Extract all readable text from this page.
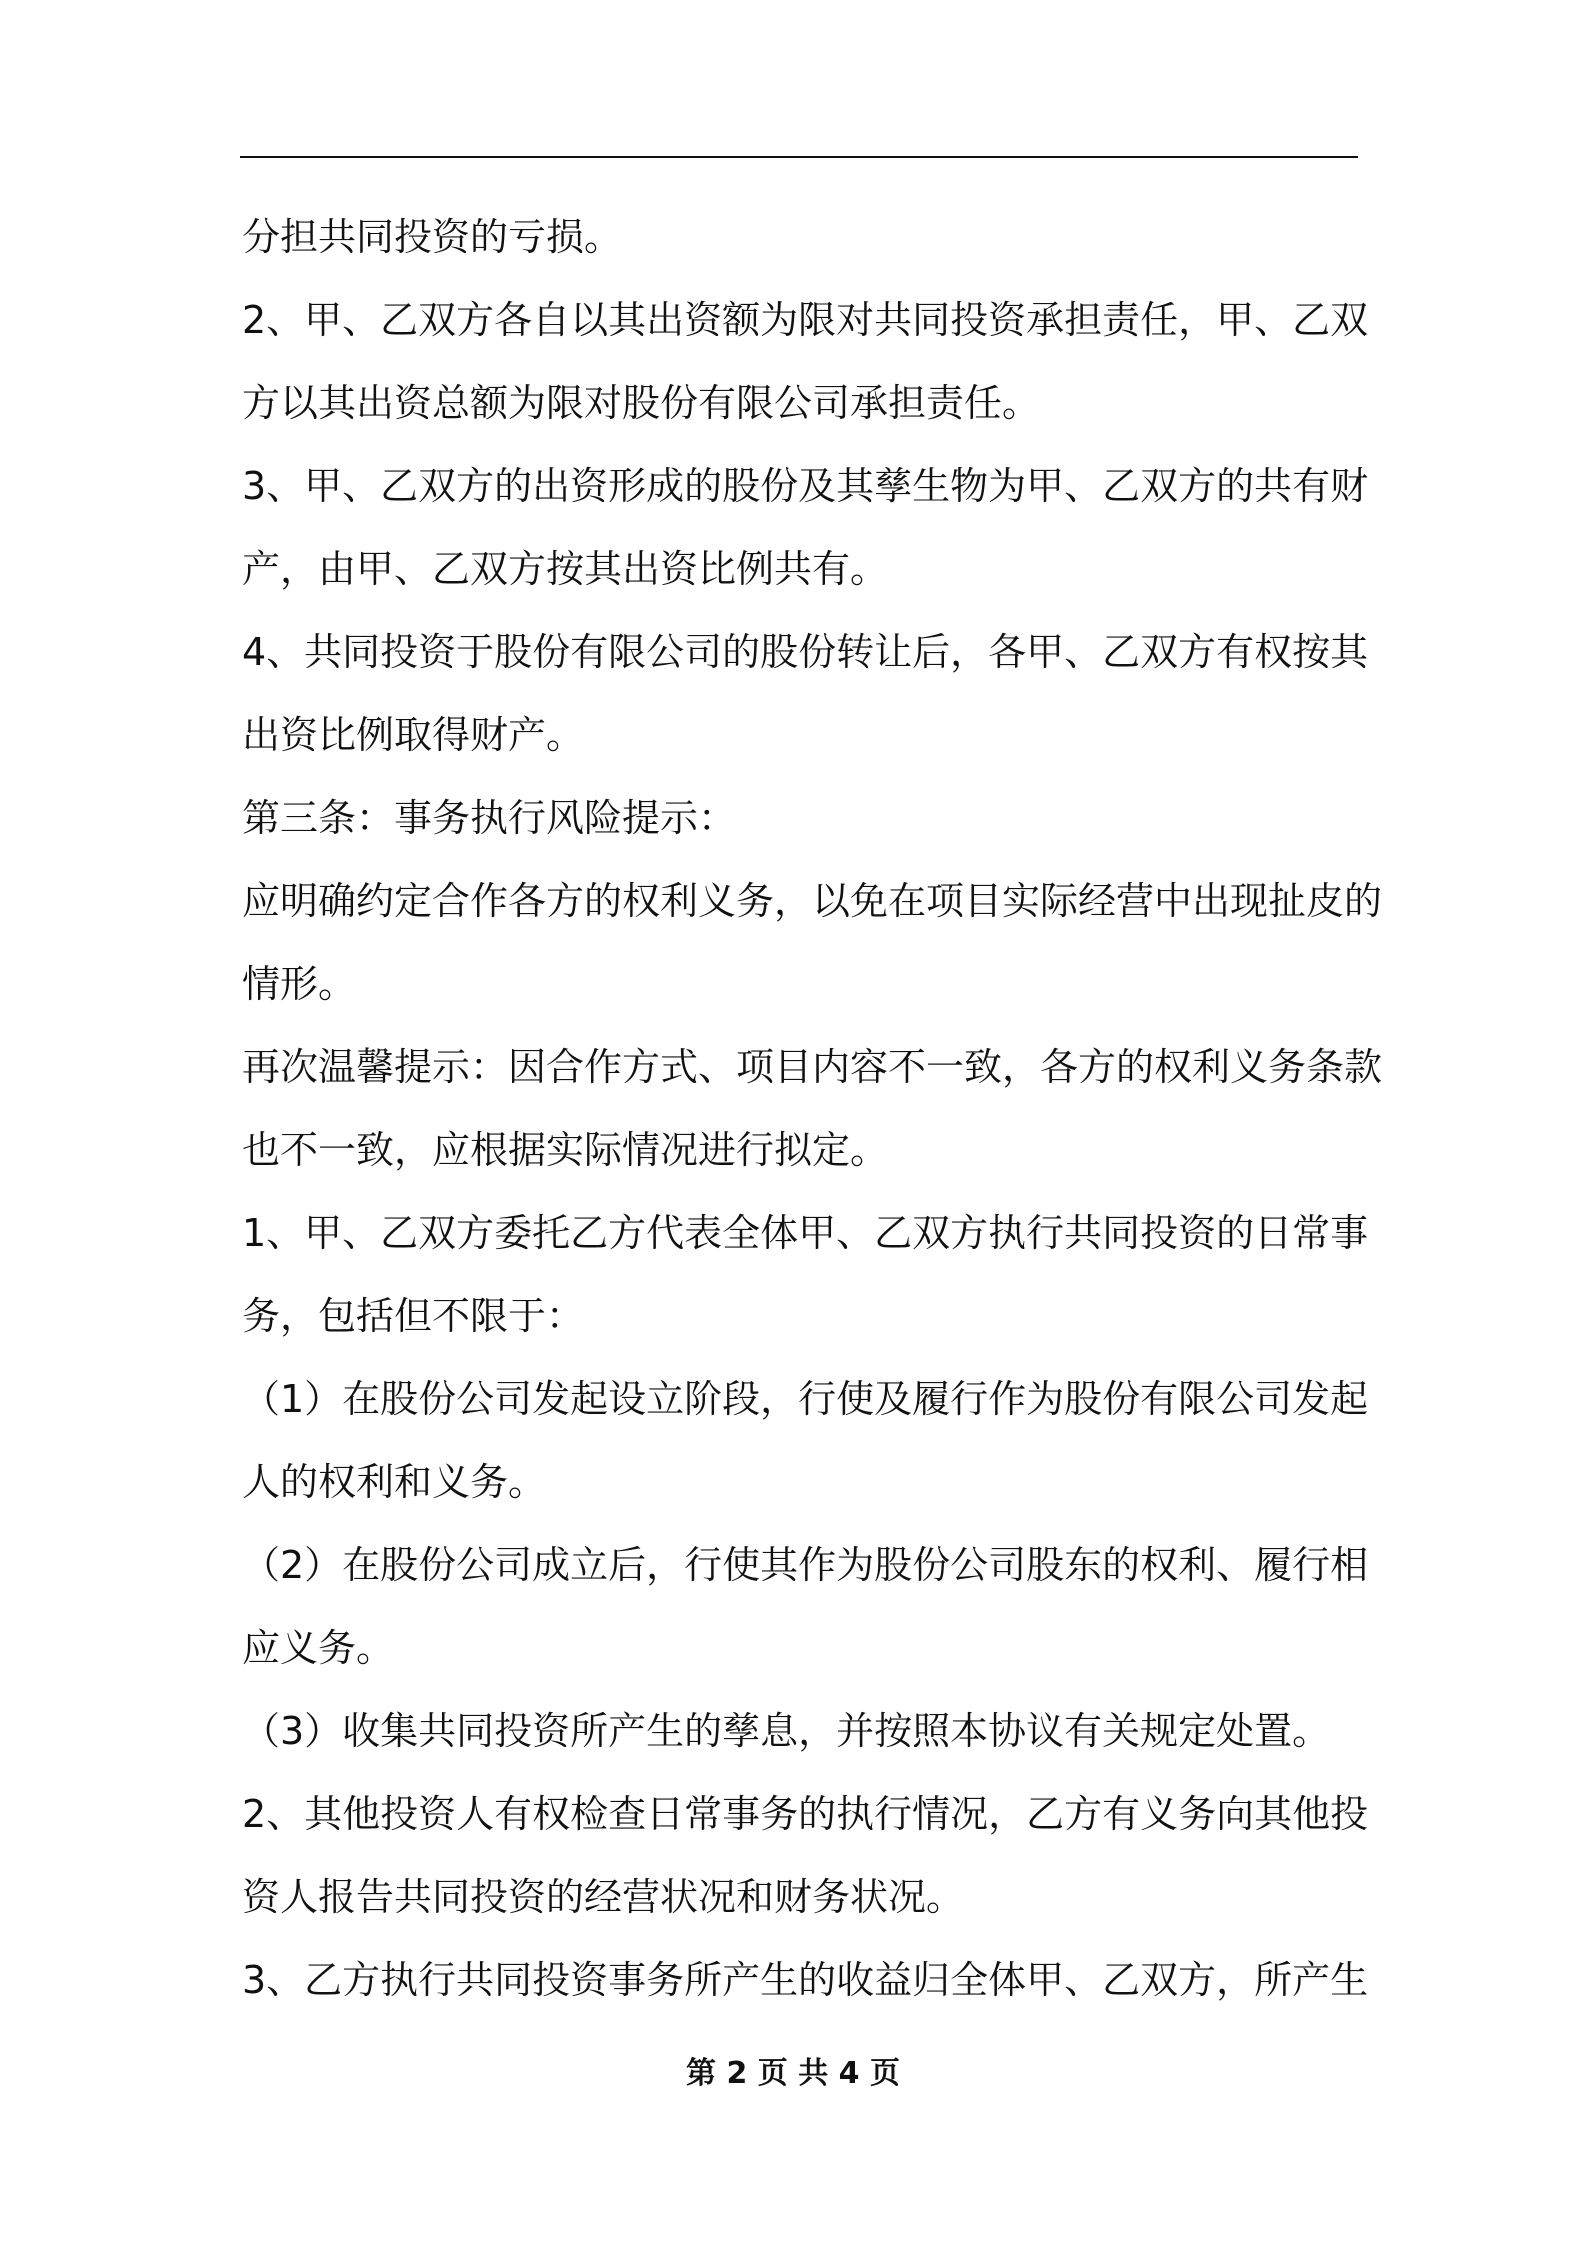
分担共同投资的亏损。
2、甲、乙双方各自以其出资额为限对共同投资承担责任，甲、乙双
方以其出资总额为限对股份有限公司承担责任。
3、甲、乙双方的出资形成的股份及其孳生物为甲、乙双方的共有财
产，由甲、乙双方按其出资比例共有。
4、共同投资于股份有限公司的股份转让后，各甲、乙双方有权按其
出资比例取得财产。
第三条：事务执行风险提示：
应明确约定合作各方的权利义务，以免在项目实际经营中出现扯皮的
情形。
再次温馨提示：因合作方式、项目内容不一致，各方的权利义务条款
也不一致，应根据实际情况进行拟定。
1、甲、乙双方委托乙方代表全体甲、乙双方执行共同投资的日常事
务，包括但不限于：
（1）在股份公司发起设立阶段，行使及履行作为股份有限公司发起
人的权利和义务。
（2）在股份公司成立后，行使其作为股份公司股东的权利、履行相
应义务。
（3）收集共同投资所产生的孳息，并按照本协议有关规定处置。
2、其他投资人有权检查日常事务的执行情况，乙方有义务向其他投
资人报告共同投资的经营状况和财务状况。
3、乙方执行共同投资事务所产生的收益归全体甲、乙双方，所产生
第 2 页 共 4 页
